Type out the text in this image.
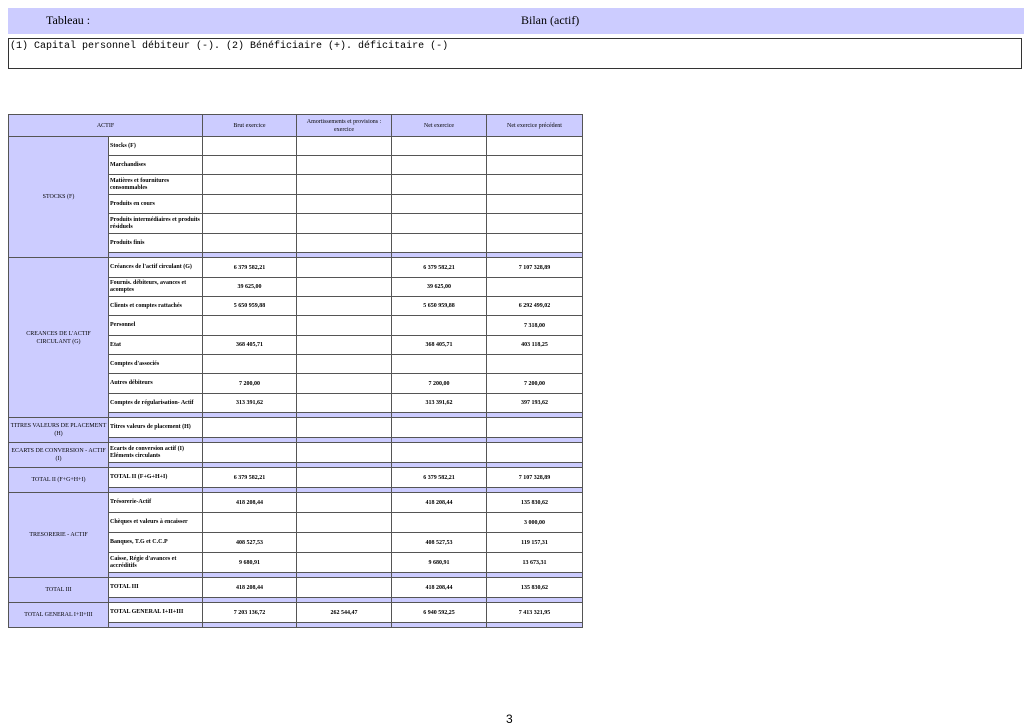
Tableau :	Bilan (actif)
(1) Capital personnel débiteur (-). (2) Bénéficiaire (+). déficitaire (-)
ACTIF		Brut exercice	Amortissements et provisions : exercice	Net exercice	Net exercice précédent
STOCKS (F)	Stocks (F)				
	Marchandises				
	Matières et fournitures consommables				
	Produits en cours				
	Produits intermédiaires et produits résiduels				
	Produits finis				

CREANCES DE L'ACTIF CIRCULANT (G)	Créances de l'actif circulant (G)	6 379 582,21		6 379 582,21	7 107 328,89
	Fournis. débiteurs, avances et acomptes	39 625,00		39 625,00	
	Clients et comptes rattachés	5 650 959,88		5 650 959,88	6 292 499,02
	Personnel				7 318,00
	Etat	368 405,71		368 405,71	403 118,25
	Comptes d'associés				
	Autres débiteurs	7 200,00		7 200,00	7 200,00
	Comptes de régularisation- Actif	313 391,62		313 391,62	397 193,62

TITRES VALEURS DE PLACEMENT (H)	Titres valeurs de placement (H)				

ECARTS DE CONVERSION - ACTIF (I)	Ecarts de conversion actif (I) Eléments circulants				

TOTAL II (F+G+H+I)	TOTAL II (F+G+H+I)	6 379 582,21		6 379 582,21	7 107 328,89

TRESORERIE - ACTIF	Trésorerie-Actif	418 208,44		418 208,44	135 830,62
	Chèques et valeurs à encaisser				3 000,00
	Banques, T.G et C.C.P	408 527,53		408 527,53	119 157,31
	Caisse, Régie d'avances et accréditifs	9 680,91		9 680,91	13 673,31

TOTAL III	TOTAL III	418 208,44		418 208,44	135 830,62

TOTAL GENERAL I+II+III	TOTAL GENERAL I+II+III	7 203 136,72	262 544,47	6 940 592,25	7 413 321,95

3
